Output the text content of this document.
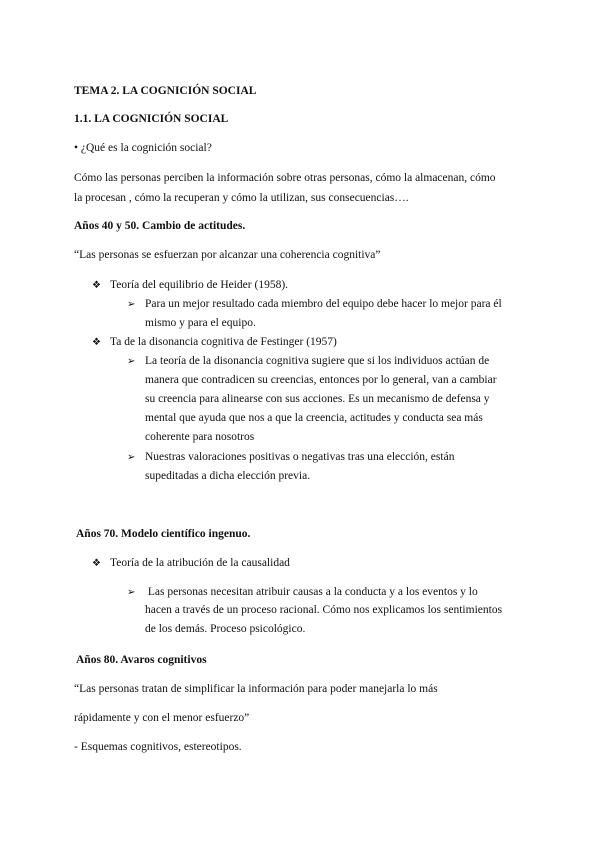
TEMA 2. LA COGNICIÓN SOCIAL
1.1. LA COGNICIÓN SOCIAL
• ¿Qué es la cognición social?
Cómo las personas perciben la información sobre otras personas, cómo la almacenan, cómo
la procesan , cómo la recuperan y cómo la utilizan, sus consecuencias….
Años 40 y 50. Cambio de actitudes.
“Las personas se esfuerzan por alcanzar una coherencia cognitiva”
❖ Teoría del equilibrio de Heider (1958).
➢ Para un mejor resultado cada miembro del equipo debe hacer lo mejor para él
mismo y para el equipo.
❖ Ta de la disonancia cognitiva de Festinger (1957)
➢ La teoría de la disonancia cognitiva sugiere que si los individuos actúan de
manera que contradicen su creencias, entonces por lo general, van a cambiar
su creencia para alinearse con sus acciones. Es un mecanismo de defensa y
mental que ayuda que nos a que la creencia, actitudes y conducta sea más
coherente para nosotros
➢ Nuestras valoraciones positivas o negativas tras una elección, están
supeditadas a dicha elección previa.
Años 70. Modelo científico ingenuo.
❖ Teoría de la atribución de la causalidad
➢ Las personas necesitan atribuir causas a la conducta y a los eventos y lo
hacen a través de un proceso racional. Cómo nos explicamos los sentimientos
de los demás. Proceso psicológico.
Años 80. Avaros cognitivos
“Las personas tratan de simplificar la información para poder manejarla lo más
rápidamente y con el menor esfuerzo”
- Esquemas cognitivos, estereotipos.
